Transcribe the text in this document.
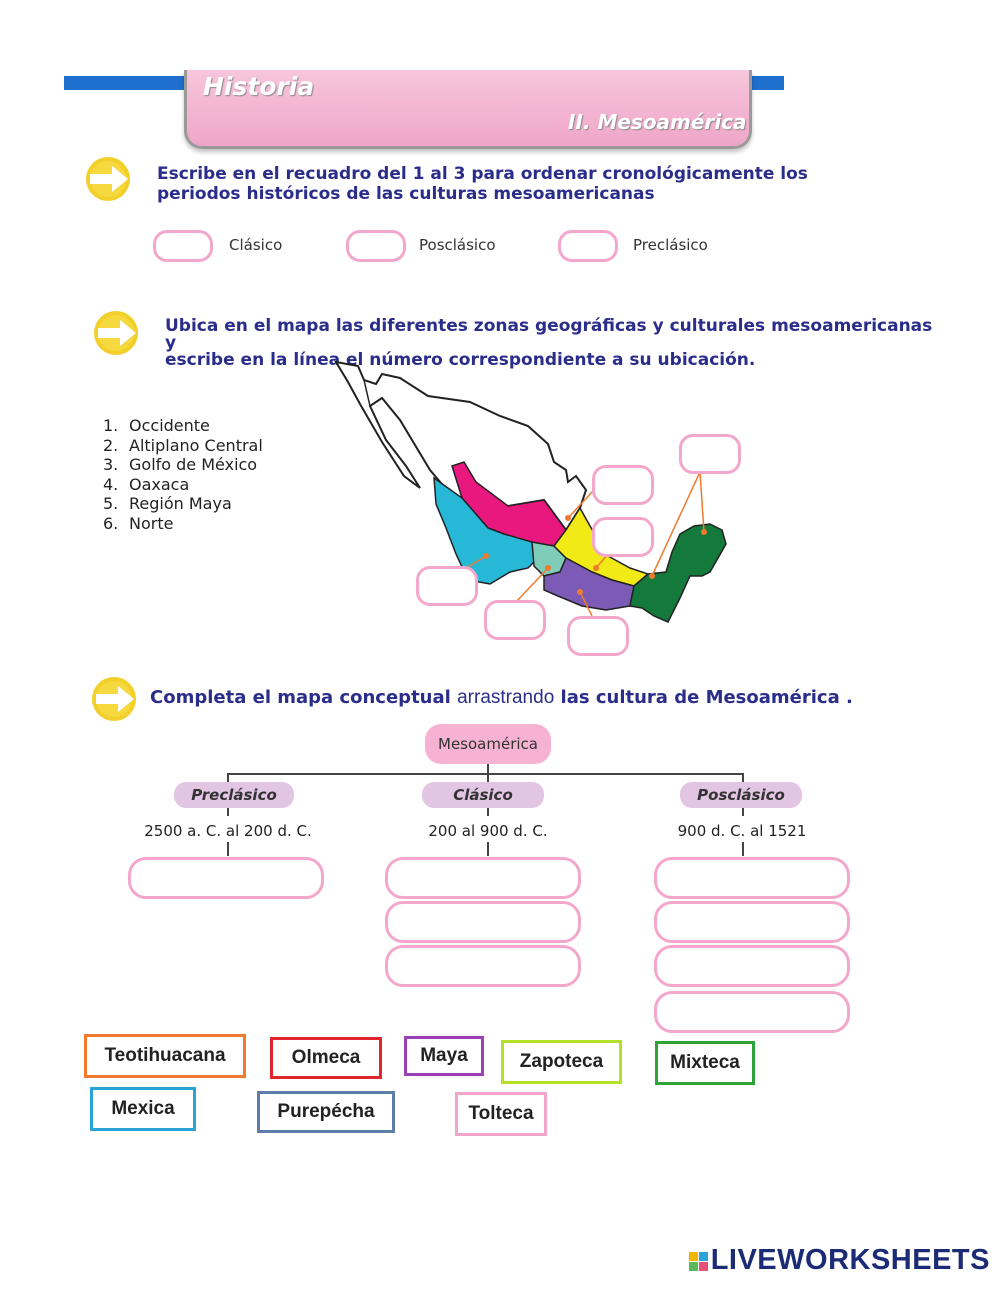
Historia
II. Mesoamérica
Escribe en el recuadro del 1 al 3 para ordenar cronológicamente los
periodos históricos de las culturas mesoamericanas
Clásico	Posclásico	Preclásico
Ubica en el mapa las diferentes zonas geográficas y culturales mesoamericanas y
escribe en la línea el número correspondiente a su ubicación.
1. Occidente
2. Altiplano Central
3. Golfo de México
4. Oaxaca
5. Región Maya
6. Norte
Completa el mapa conceptual arrastrando las cultura de Mesoamérica .
Mesoamérica
Preclásico	Clásico	Posclásico
2500 a. C. al 200 d. C.	200 al 900 d. C.	900 d. C. al 1521
Teotihuacana	Olmeca	Maya	Zapoteca	Mixteca
Mexica	Purepécha	Tolteca
LIVEWORKSHEETS
